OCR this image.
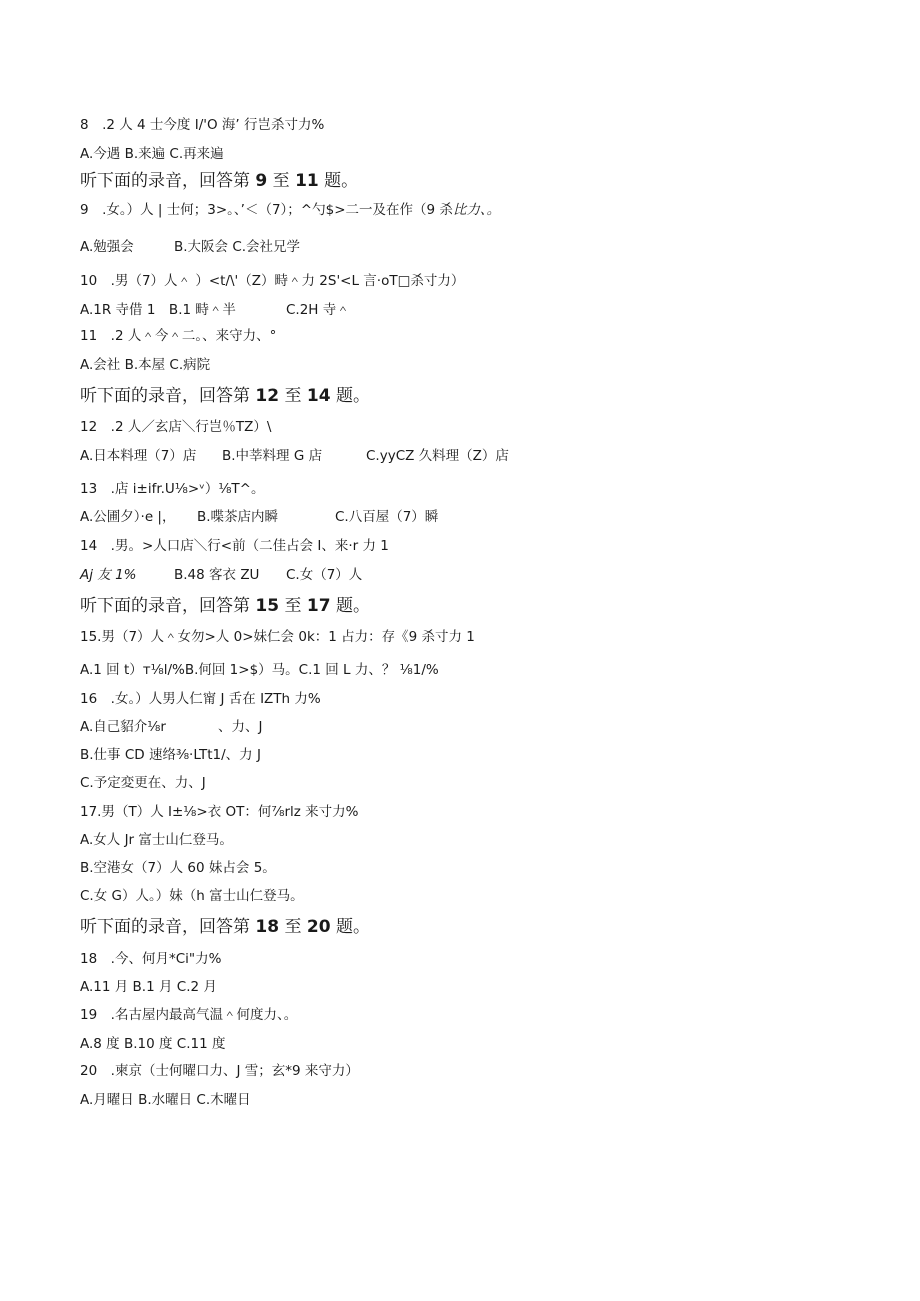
8　.2 人 4 士今度 I/'O 海’ 行岂杀寸力%
A.今遇 B.来遍 C.再来遍
听下面的录音，回答第 9 至 11 题。
9　.女。）人 | 士何；3>。、’＜（7）；^勺$>二一及在作（9 杀比力、。
A.勉强会	B.大阪会 C.会社兄学
10　.男（7）人＾ ）<t/\'（Z）畤＾力 2S'<L 言·oT□杀寸力）
A.1R 寺借 1　B.1 畤＾半	C.2H 寺＾
11　.2 人＾今＾二。、来守力、°
A.会社 B.本屋 C.病院
听下面的录音，回答第 12 至 14 题。
12　.2 人／玄店＼行岂％TZ）\
A.日本料理（7）店 B.中莘料理 G 店	C.yyCZ 久料理（Z）店
13　.店 i±ifr.U⅛>ᵛ）⅛T^。
A.公圃夕）·e |， B.喋茶店内瞬	C.八百屋（7）瞬
14　.男。>人口店＼行<前（二佳占会 I、来·r 力 1
Aj 友 1%	B.48 客衣 ZU C.女（7）人
听下面的录音，回答第 15 至 17 题。
15.男（7）人＾女勿>人 0>妹仁会 0k：1 占力：存《9 杀寸力 1
A.1 回 t）т⅛l/%B.何回 1>$）马。C.1 回 L 力、？ ⅛1/%
16　.女。）人男人仁甯 J 舌在 IZTh 力%
A.自己貂介⅛r	、力、J
B.仕事 CD 速络⅜·LTt1/、力 J
C.予定変更在、力、J
17.男（T）人 I±⅛>衣 OT：何⅞rlz 来寸力%
A.女人 Jr 富士山仁登马。
B.空港女（7）人 60 妹占会 5。
C.女 G）人。）妹（h 富士山仁登马。
听下面的录音，回答第 18 至 20 题。
18　.今、何月*Ci"力%
A.11 月 B.1 月 C.2 月
19　.名古屋内最高气温＾何度力、。
A.8 度 B.10 度 C.11 度
20　.柬京（士何曜口力、J 雪；玄*9 来守力）
A.月曜日 B.水曜日 C.木曜日
